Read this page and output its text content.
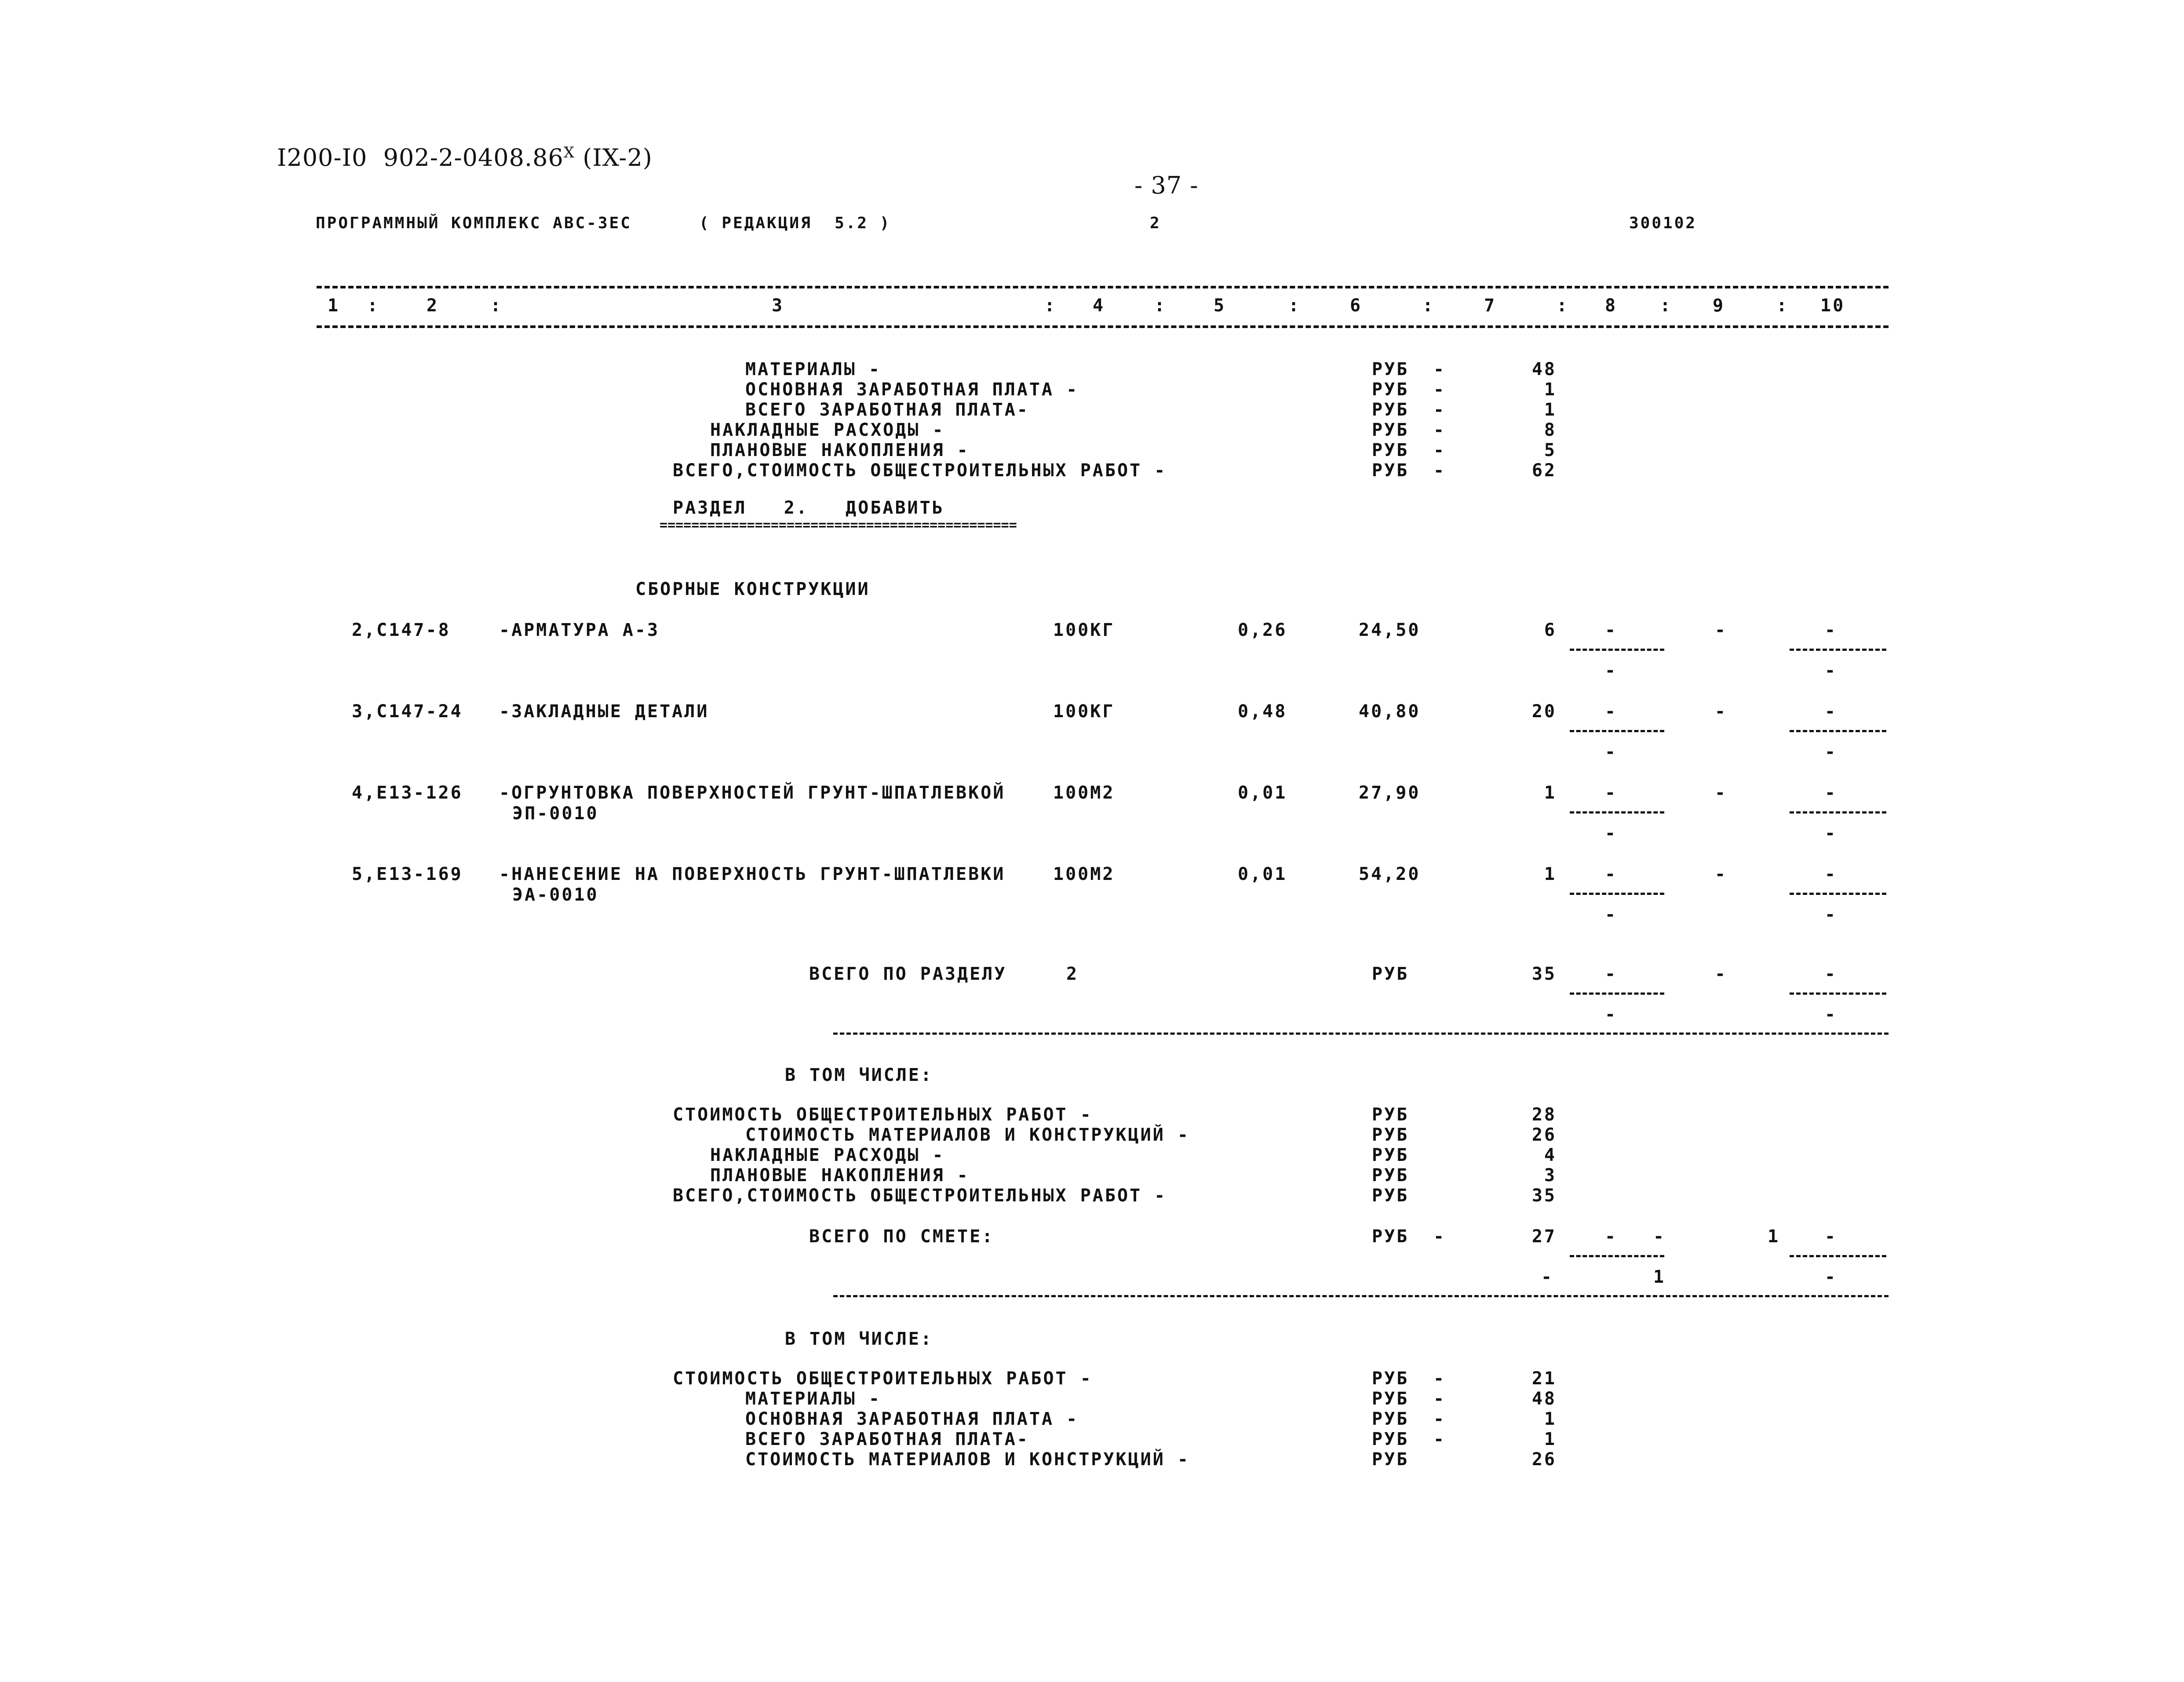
I200-I0  $902-2-0408.86^X$ (IX-2)
- 37 -
ПРОГРАММНЫЙ КОМПЛЕКС АВС-ЗЕС	( РЕДАКЦИЯ  5.2 )	2	300102
1 :	2	:	3	: 4	:	5	:	6	:	7	: 8 : 9	: 10
МАТЕРИАЛЫ -	РУБ -	48
ОСНОВНАЯ ЗАРАБОТНАЯ ПЛАТА -	РУБ -	1
ВСЕГО ЗАРАБОТНАЯ ПЛАТА-	РУБ -	1
НАКЛАДНЫЕ РАСХОДЫ -	РУБ -	8
ПЛАНОВЫЕ НАКОПЛЕНИЯ -	РУБ -	5
ВСЕГО,СТОИМОСТЬ ОБЩЕСТРОИТЕЛЬНЫХ РАБОТ -	РУБ -	62
РАЗДЕЛ   2.   ДОБАВИТЬ
=============================================
СБОРНЫЕ КОНСТРУКЦИИ
2,С147-8	-АРМАТУРА А-3	100КГ	0,26	24,50	6	-	-	-
-	-
3,С147-24 -ЗАКЛАДНЫЕ ДЕТАЛИ	100КГ	0,48	40,80	20	-	-	-
-	-
4,Е13-126 -ОГРУНТОВКА ПОВЕРХНОСТЕЙ ГРУНТ-ШПАТЛЕВКОЙ
ЭП-0010
100М2	0,01	27,90	1	-	-	-
-	-
5,Е13-169 -НАНЕСЕНИЕ НА ПОВЕРХНОСТЬ ГРУНТ-ШПАТЛЕВКИ
ЭА-0010
100М2	0,01	54,20	1	-	-	-
-	-
ВСЕГО ПО РАЗДЕЛУ	2	РУБ	35	-	-	-
-	-
В ТОМ ЧИСЛЕ:
СТОИМОСТЬ ОБЩЕСТРОИТЕЛЬНЫХ РАБОТ -	РУБ	28
СТОИМОСТЬ МАТЕРИАЛОВ И КОНСТРУКЦИЙ -	РУБ	26
НАКЛАДНЫЕ РАСХОДЫ -	РУБ	4
ПЛАНОВЫЕ НАКОПЛЕНИЯ -	РУБ	3
ВСЕГО,СТОИМОСТЬ ОБЩЕСТРОИТЕЛЬНЫХ РАБОТ -	РУБ	35
ВСЕГО ПО СМЕТЕ:	РУБ -	27	- -	1	-
-	1	-
В ТОМ ЧИСЛЕ:
СТОИМОСТЬ ОБЩЕСТРОИТЕЛЬНЫХ РАБОТ -	РУБ -	21
МАТЕРИАЛЫ -	РУБ -	48
ОСНОВНАЯ ЗАРАБОТНАЯ ПЛАТА -	РУБ -	1
ВСЕГО ЗАРАБОТНАЯ ПЛАТА-	РУБ -	1
СТОИМОСТЬ МАТЕРИАЛОВ И КОНСТРУКЦИЙ -	РУБ	26
